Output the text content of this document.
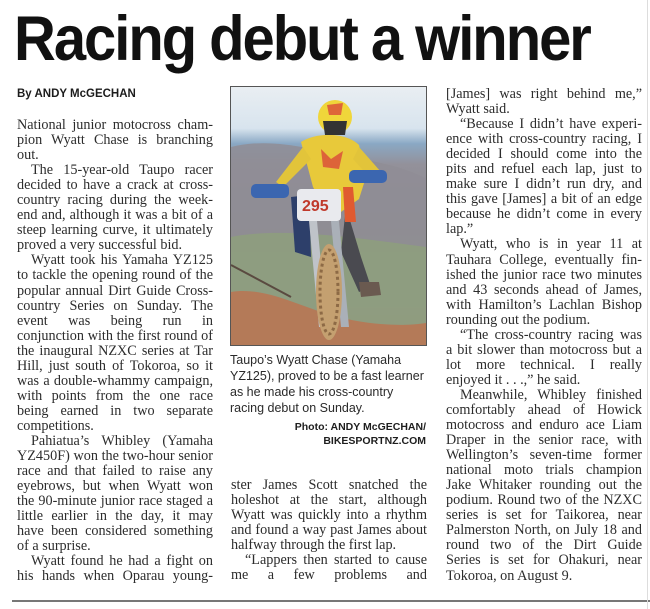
Racing debut a winner
By ANDY McGECHAN

National junior motocross champion Wyatt Chase is branching out.

The 15-year-old Taupo racer decided to have a crack at cross-country racing during the weekend and, although it was a bit of a steep learning curve, it ultimately proved a very successful bid.

Wyatt took his Yamaha YZ125 to tackle the opening round of the popular annual Dirt Guide Cross-country Series on Sunday. The event was being run in conjunction with the first round of the inaugural NZXC series at Tar Hill, just south of Tokoroa, so it was a double-whammy campaign, with points from the one race being earned in two separate competitions.

Pahiatua’s Whibley (Yamaha YZ450F) won the two-hour senior race and that failed to raise any eyebrows, but when Wyatt won the 90-minute junior race staged a little earlier in the day, it may have been considered something of a surprise.

Wyatt found he had a fight on his hands when Oparau young-

295
Taupo’s Wyatt Chase (Yamaha YZ125), proved to be a fast learner as he made his cross-country racing debut on Sunday.
Photo: ANDY McGECHAN/
BIKESPORTNZ.COM

ster James Scott snatched the holeshot at the start, although Wyatt was quickly into a rhythm and found a way past James about halfway through the first lap.

“Lappers then started to cause me a few problems and

[James] was right behind me,” Wyatt said.

“Because I didn’t have experience with cross-country racing, I decided I should come into the pits and refuel each lap, just to make sure I didn’t run dry, and this gave [James] a bit of an edge because he didn’t come in every lap.”

Wyatt, who is in year 11 at Tauhara College, eventually finished the junior race two minutes and 43 seconds ahead of James, with Hamilton’s Lachlan Bishop rounding out the podium.

“The cross-country racing was a bit slower than motocross but a lot more technical. I really enjoyed it . . .,” he said.

Meanwhile, Whibley finished comfortably ahead of Howick motocross and enduro ace Liam Draper in the senior race, with Wellington’s seven-time former national moto trials champion Jake Whitaker rounding out the podium. Round two of the NZXC series is set for Taikorea, near Palmerston North, on July 18 and round two of the Dirt Guide Series is set for Ohakuri, near Tokoroa, on August 9.
